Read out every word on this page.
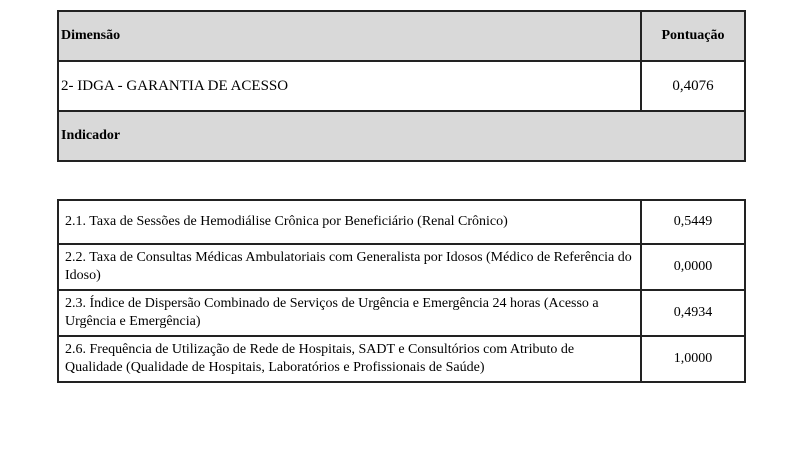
Dimensão	Pontuação
2- IDGA - GARANTIA DE ACESSO	0,4076
Indicador	
2.1. Taxa de Sessões de Hemodiálise Crônica por Beneficiário (Renal Crônico)	0,5449
2.2. Taxa de Consultas Médicas Ambulatoriais com Generalista por Idosos (Médico de Referência do Idoso)	0,0000
2.3. Índice de Dispersão Combinado de Serviços de Urgência e Emergência 24 horas (Acesso a Urgência e Emergência)	0,4934
2.6. Frequência de Utilização de Rede de Hospitais, SADT e Consultórios com Atributo de Qualidade (Qualidade de Hospitais, Laboratórios e Profissionais de Saúde)	1,0000
